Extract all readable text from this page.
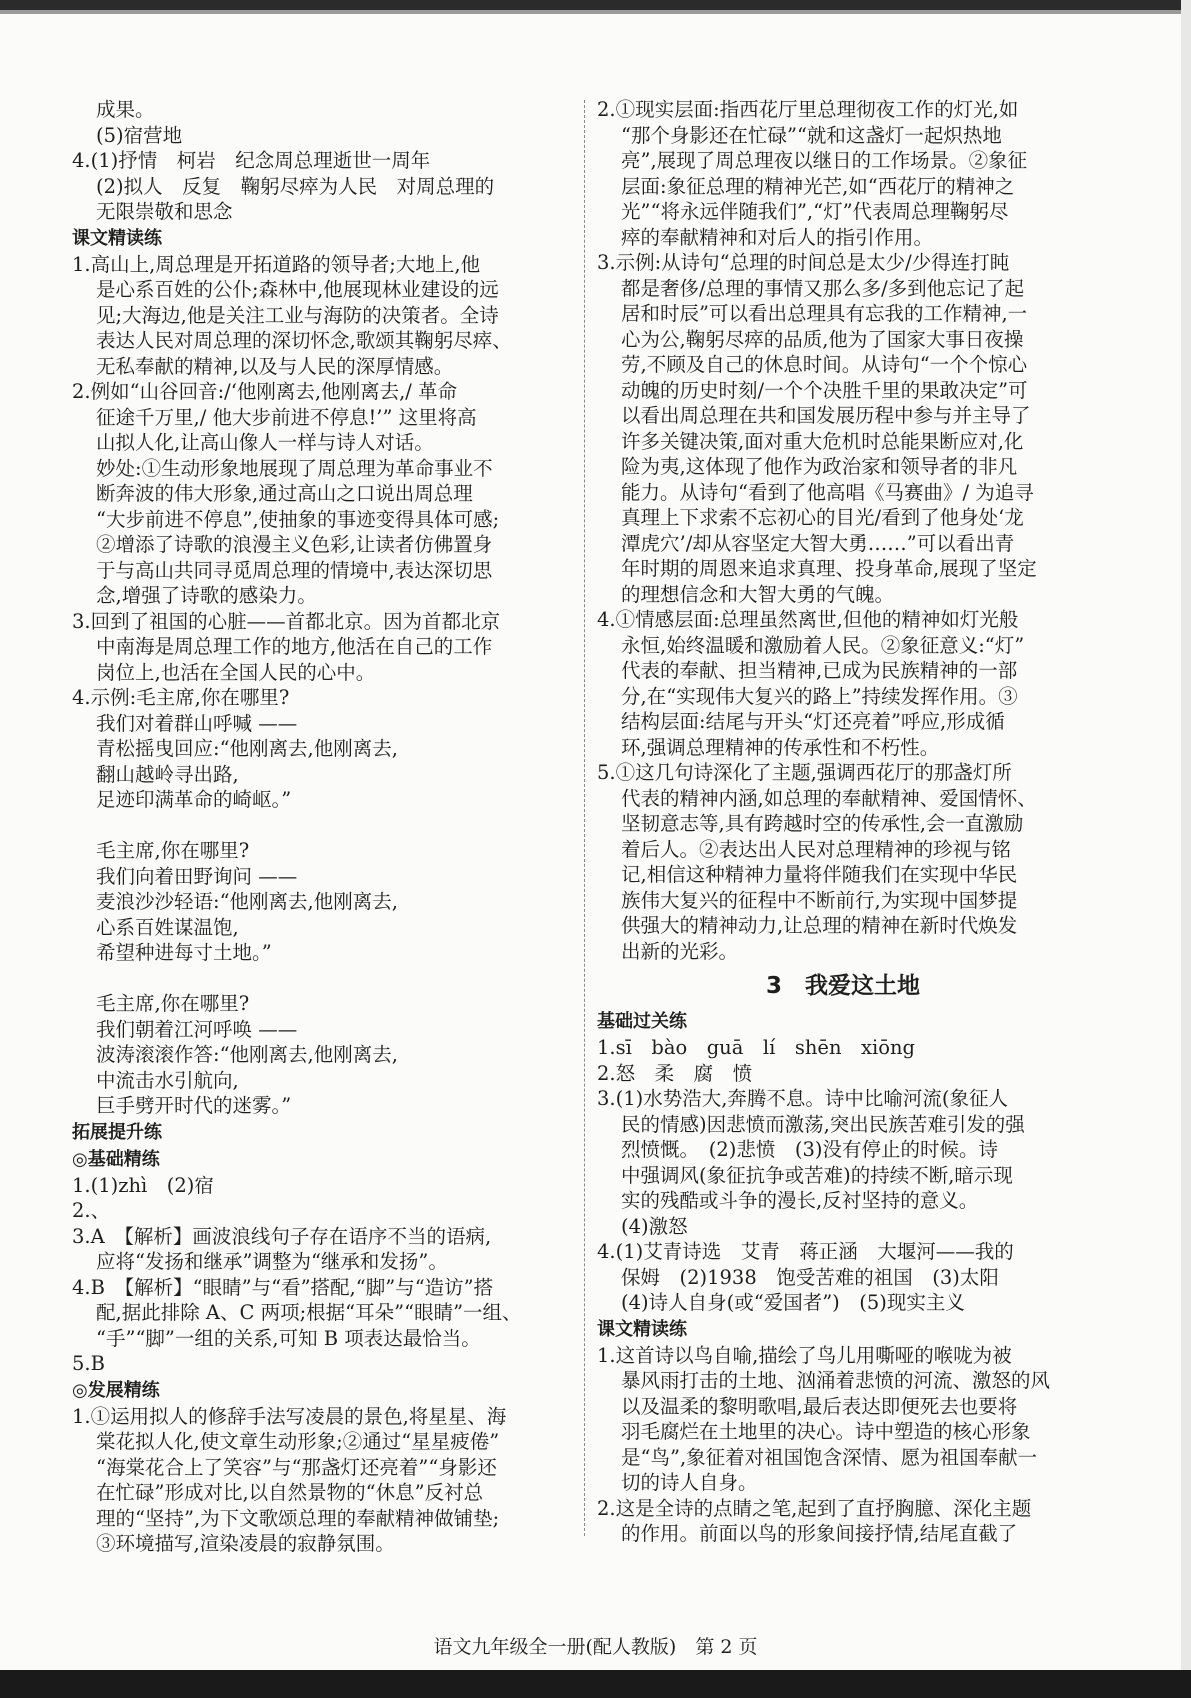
成果。
(5)宿营地
4.(1)抒情　柯岩　纪念周总理逝世一周年
(2)拟人　反复　鞠躬尽瘁为人民　对周总理的
无限崇敬和思念
课文精读练
1.高山上,周总理是开拓道路的领导者;大地上,他
是心系百姓的公仆;森林中,他展现林业建设的远
见;大海边,他是关注工业与海防的决策者。全诗
表达人民对周总理的深切怀念,歌颂其鞠躬尽瘁、
无私奉献的精神,以及与人民的深厚情感。
2.例如“山谷回音:/‘他刚离去,他刚离去,/ 革命
征途千万里,/ 他大步前进不停息!’” 这里将高
山拟人化,让高山像人一样与诗人对话。
妙处:①生动形象地展现了周总理为革命事业不
断奔波的伟大形象,通过高山之口说出周总理
“大步前进不停息”,使抽象的事迹变得具体可感;
②增添了诗歌的浪漫主义色彩,让读者仿佛置身
于与高山共同寻觅周总理的情境中,表达深切思
念,增强了诗歌的感染力。
3.回到了祖国的心脏——首都北京。因为首都北京
中南海是周总理工作的地方,他活在自己的工作
岗位上,也活在全国人民的心中。
4.示例:毛主席,你在哪里?
我们对着群山呼喊 ——
青松摇曳回应:“他刚离去,他刚离去,
翻山越岭寻出路,
足迹印满革命的崎岖。”
毛主席,你在哪里?
我们向着田野询问 ——
麦浪沙沙轻语:“他刚离去,他刚离去,
心系百姓谋温饱,
希望种进每寸土地。”
毛主席,你在哪里?
我们朝着江河呼唤 ——
波涛滚滚作答:“他刚离去,他刚离去,
中流击水引航向,
巨手劈开时代的迷雾。”
拓展提升练
◎基础精练
1.(1)zhì　(2)宿
2.、
3.A　【解析】画波浪线句子存在语序不当的语病,
应将“发扬和继承”调整为“继承和发扬”。
4.B　【解析】“眼睛”与“看”搭配,“脚”与“造访”搭
配,据此排除 A、C 两项;根据“耳朵”“眼睛”一组、
“手”“脚”一组的关系,可知 B 项表达最恰当。
5.B
◎发展精练
1.①运用拟人的修辞手法写凌晨的景色,将星星、海
棠花拟人化,使文章生动形象;②通过“星星疲倦”
“海棠花合上了笑容”与“那盏灯还亮着”“身影还
在忙碌”形成对比,以自然景物的“休息”反衬总
理的“坚持”,为下文歌颂总理的奉献精神做铺垫;
③环境描写,渲染凌晨的寂静氛围。
2.①现实层面:指西花厅里总理彻夜工作的灯光,如
“那个身影还在忙碌”“就和这盏灯一起炽热地
亮”,展现了周总理夜以继日的工作场景。②象征
层面:象征总理的精神光芒,如“西花厅的精神之
光”“将永远伴随我们”,“灯”代表周总理鞠躬尽
瘁的奉献精神和对后人的指引作用。
3.示例:从诗句“总理的时间总是太少/少得连打盹
都是奢侈/总理的事情又那么多/多到他忘记了起
居和时辰”可以看出总理具有忘我的工作精神,一
心为公,鞠躬尽瘁的品质,他为了国家大事日夜操
劳,不顾及自己的休息时间。从诗句“一个个惊心
动魄的历史时刻/一个个决胜千里的果敢决定”可
以看出周总理在共和国发展历程中参与并主导了
许多关键决策,面对重大危机时总能果断应对,化
险为夷,这体现了他作为政治家和领导者的非凡
能力。从诗句“看到了他高唱《马赛曲》/ 为追寻
真理上下求索不忘初心的目光/看到了他身处‘龙
潭虎穴’/却从容坚定大智大勇……”可以看出青
年时期的周恩来追求真理、投身革命,展现了坚定
的理想信念和大智大勇的气魄。
4.①情感层面:总理虽然离世,但他的精神如灯光般
永恒,始终温暖和激励着人民。②象征意义:“灯”
代表的奉献、担当精神,已成为民族精神的一部
分,在“实现伟大复兴的路上”持续发挥作用。③
结构层面:结尾与开头“灯还亮着”呼应,形成循
环,强调总理精神的传承性和不朽性。
5.①这几句诗深化了主题,强调西花厅的那盏灯所
代表的精神内涵,如总理的奉献精神、爱国情怀、
坚韧意志等,具有跨越时空的传承性,会一直激励
着后人。②表达出人民对总理精神的珍视与铭
记,相信这种精神力量将伴随我们在实现中华民
族伟大复兴的征程中不断前行,为实现中国梦提
供强大的精神动力,让总理的精神在新时代焕发
出新的光彩。
3　我爱这土地
基础过关练
1.sī　bào　guā　lí　shēn　xiōng
2.怒　柔　腐　愤
3.(1)水势浩大,奔腾不息。诗中比喻河流(象征人
民的情感)因悲愤而激荡,突出民族苦难引发的强
烈愤慨。　(2)悲愤　(3)没有停止的时候。诗
中强调风(象征抗争或苦难)的持续不断,暗示现
实的残酷或斗争的漫长,反衬坚持的意义。
(4)激怒
4.(1)艾青诗选　艾青　蒋正涵　大堰河——我的
保姆　(2)1938　饱受苦难的祖国　(3)太阳
(4)诗人自身(或“爱国者”)　(5)现实主义
课文精读练
1.这首诗以鸟自喻,描绘了鸟儿用嘶哑的喉咙为被
暴风雨打击的土地、汹涌着悲愤的河流、激怒的风
以及温柔的黎明歌唱,最后表达即便死去也要将
羽毛腐烂在土地里的决心。诗中塑造的核心形象
是“鸟”,象征着对祖国饱含深情、愿为祖国奉献一
切的诗人自身。
2.这是全诗的点睛之笔,起到了直抒胸臆、深化主题
的作用。前面以鸟的形象间接抒情,结尾直截了
语文九年级全一册(配人教版)　第 2 页
